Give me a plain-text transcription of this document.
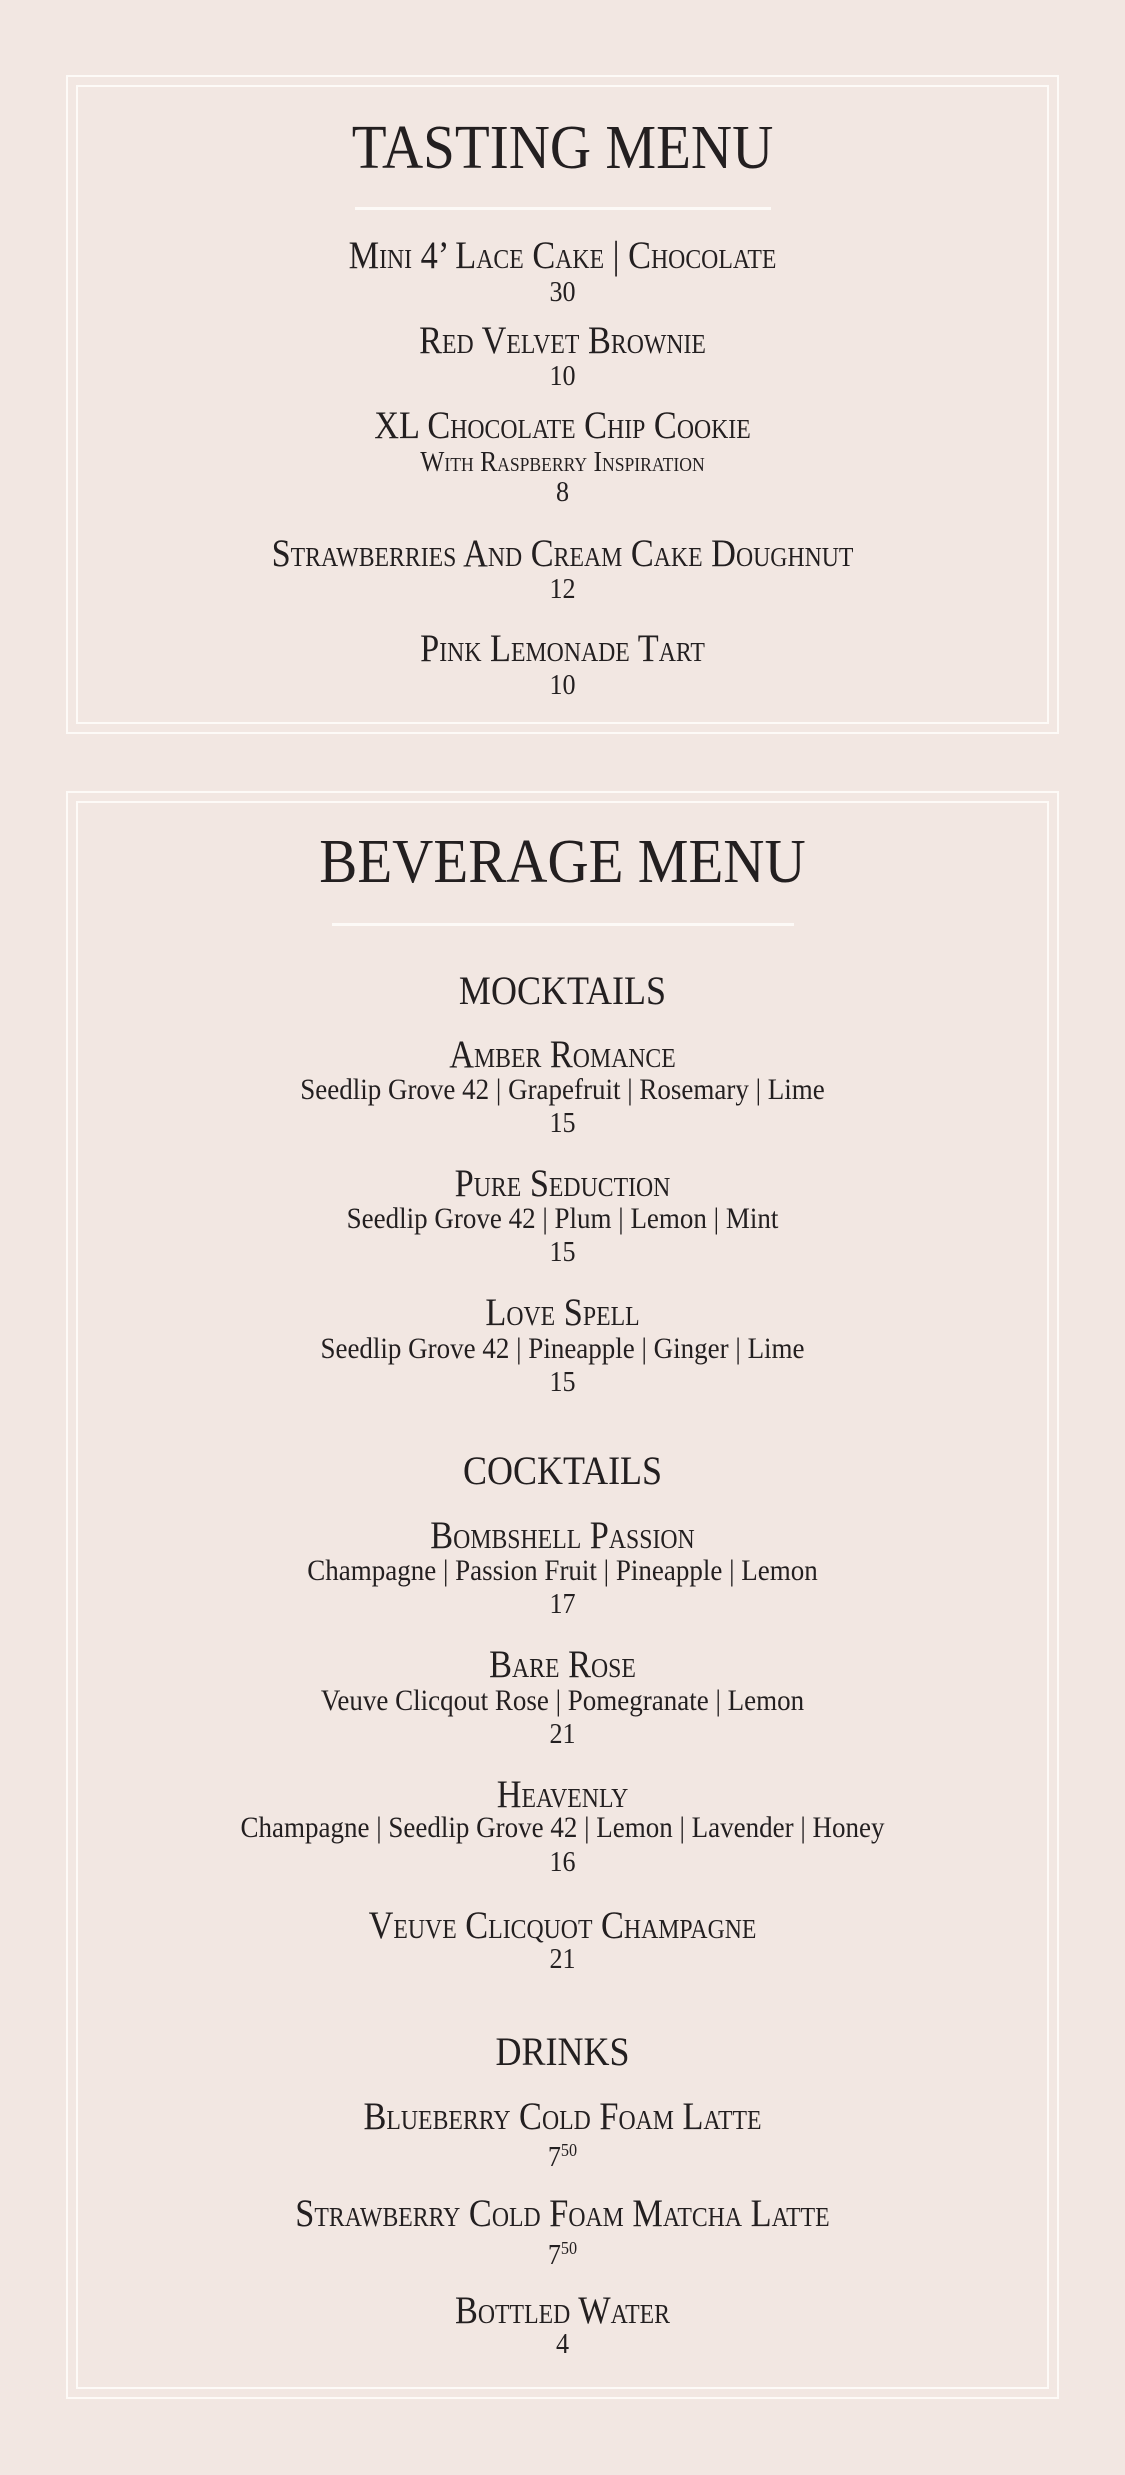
TASTING MENU
Mini 4’ Lace Cake | Chocolate
30
Red Velvet Brownie
10
XL Chocolate Chip Cookie
With Raspberry Inspiration
8
Strawberries And Cream Cake Doughnut
12
Pink Lemonade Tart
10
BEVERAGE MENU
MOCKTAILS
Amber Romance
Seedlip Grove 42 | Grapefruit | Rosemary | Lime
15
Pure Seduction
Seedlip Grove 42 | Plum | Lemon | Mint
15
Love Spell
Seedlip Grove 42 | Pineapple | Ginger | Lime
15
COCKTAILS
Bombshell Passion
Champagne | Passion Fruit | Pineapple | Lemon
17
Bare Rose
Veuve Clicqout Rose | Pomegranate | Lemon
21
Heavenly
Champagne | Seedlip Grove 42 | Lemon | Lavender | Honey
16
Veuve Clicquot Champagne
21
DRINKS
Blueberry Cold Foam Latte
$7^{50}$
Strawberry Cold Foam Matcha Latte
$7^{50}$
Bottled Water
4
